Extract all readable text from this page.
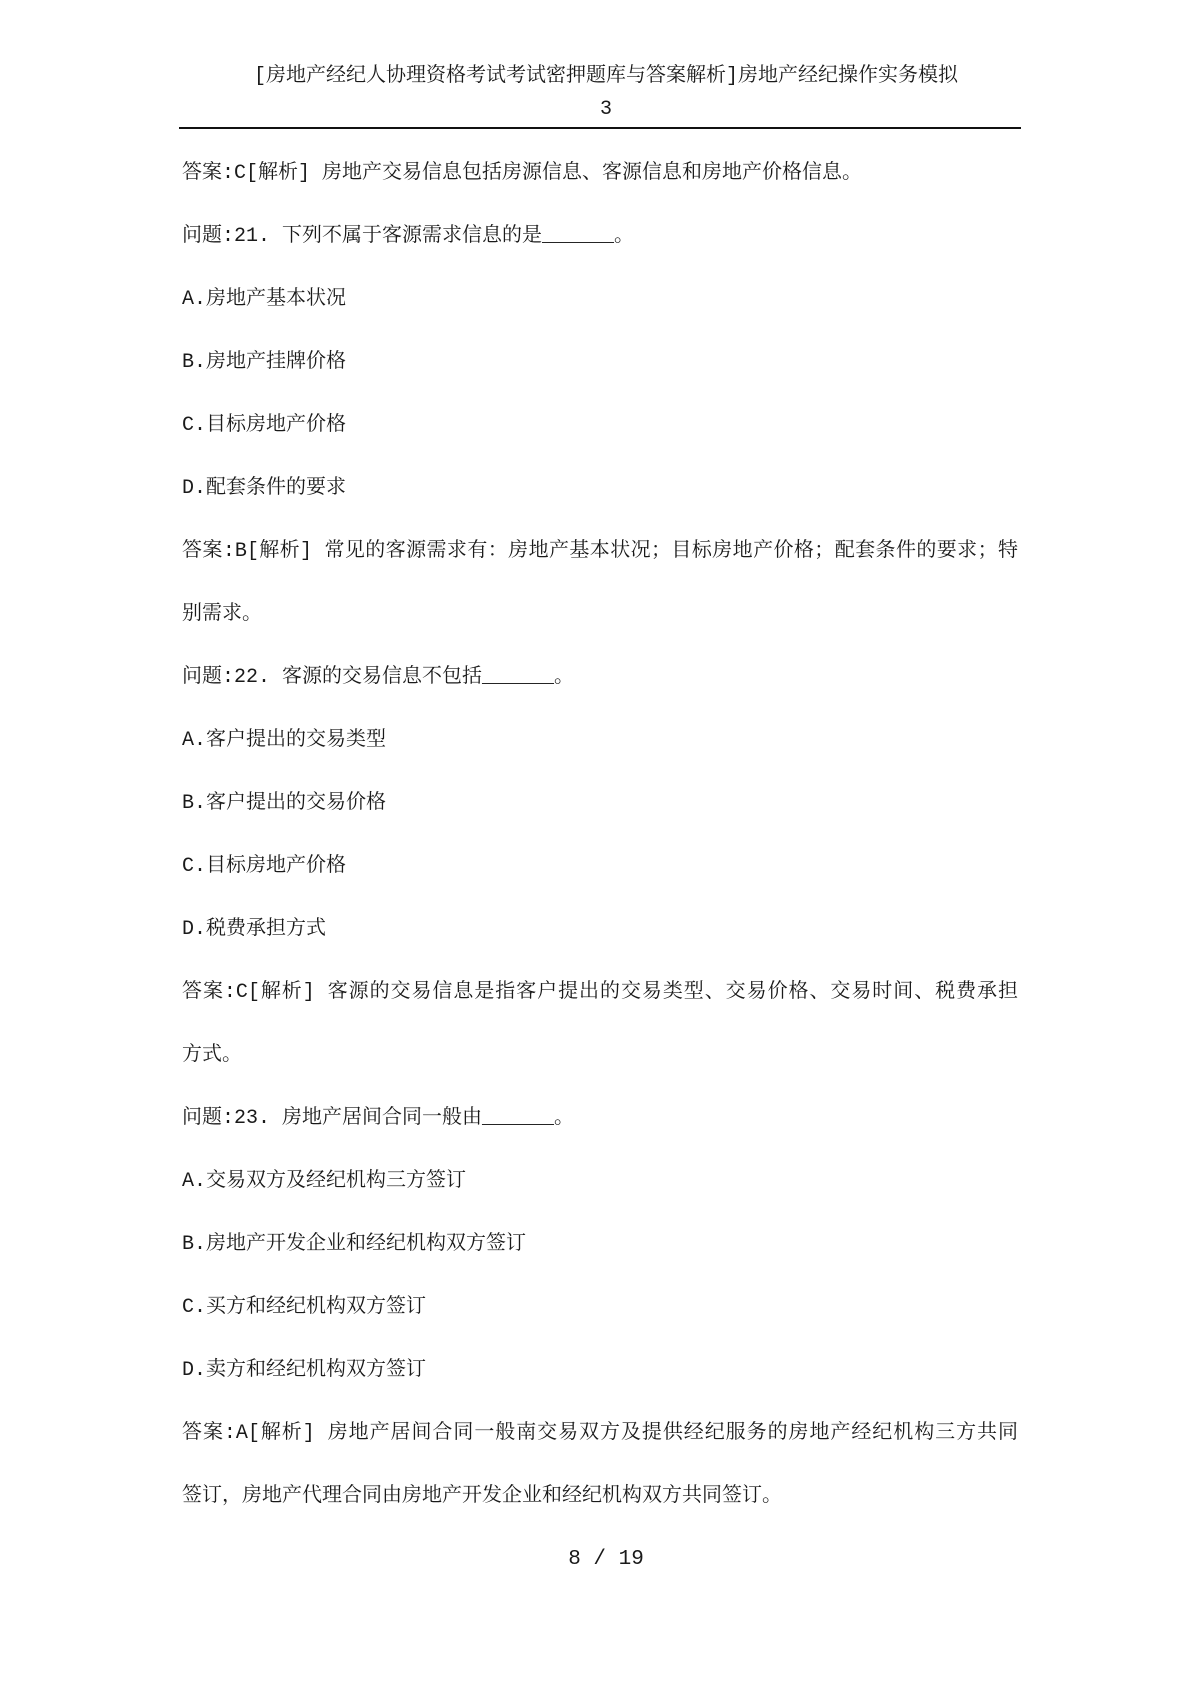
[房地产经纪人协理资格考试考试密押题库与答案解析]房地产经纪操作实务模拟
3
答案:C[解析] 房地产交易信息包括房源信息、客源信息和房地产价格信息。
问题:21. 下列不属于客源需求信息的是______。
A.房地产基本状况
B.房地产挂牌价格
C.目标房地产价格
D.配套条件的要求
答案:B[解析] 常见的客源需求有：房地产基本状况；目标房地产价格；配套条件的要求；特
别需求。
问题:22. 客源的交易信息不包括______。
A.客户提出的交易类型
B.客户提出的交易价格
C.目标房地产价格
D.税费承担方式
答案:C[解析] 客源的交易信息是指客户提出的交易类型、交易价格、交易时间、税费承担
方式。
问题:23. 房地产居间合同一般由______。
A.交易双方及经纪机构三方签订
B.房地产开发企业和经纪机构双方签订
C.买方和经纪机构双方签订
D.卖方和经纪机构双方签订
答案:A[解析] 房地产居间合同一般南交易双方及提供经纪服务的房地产经纪机构三方共同
签订，房地产代理合同由房地产开发企业和经纪机构双方共同签订。
8 / 19
